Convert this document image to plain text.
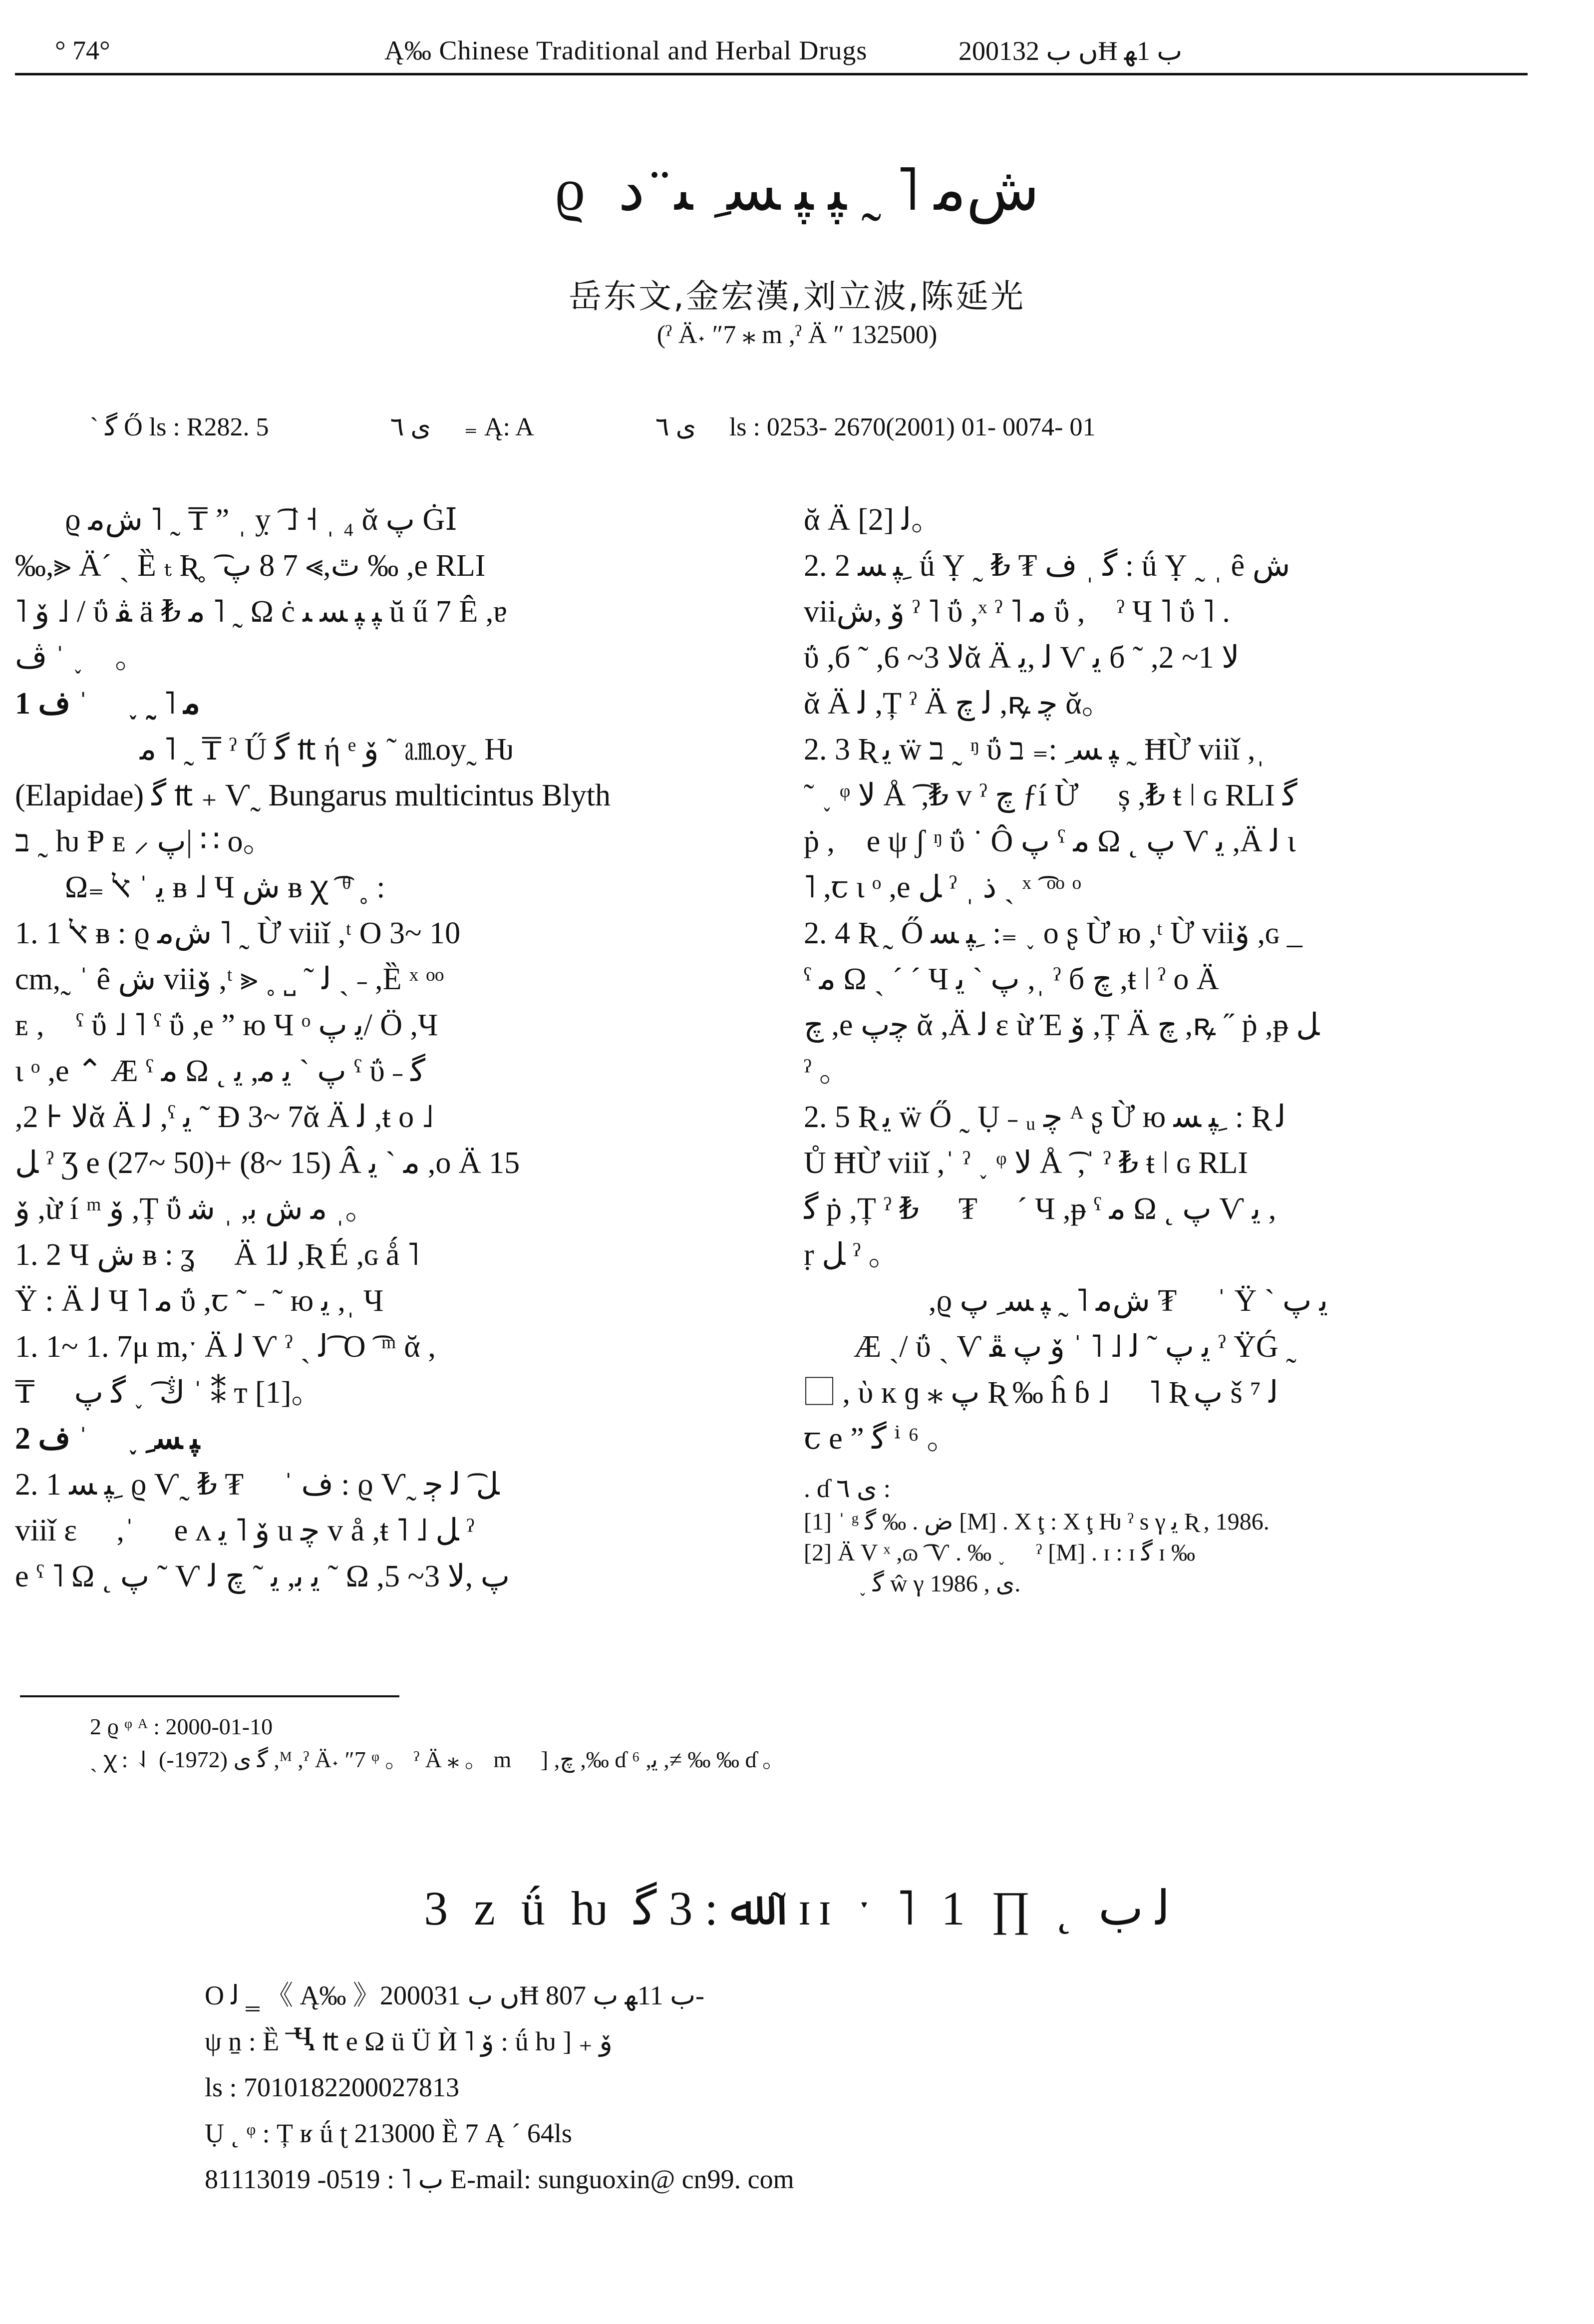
° 74°	Ą‰ Chinese Traditional and Herbal Drugs	2001ں ب 32Ħ ب 1ﻬ
ϱ ﺵﻣ ˥ ˷ ﭙ ﭙ ﺴ ِ ﯩ ̈ ﺩ
岳东文,金宏漢,刘立波,陈延光
(ˀ Ä˖ ″7 ⁎ m ,ˀ Ä ″ 132500)
ˋ ﮔ Ő ls : R282. 5	ﯼ ٦ ⃞ ₌ Ą: A	ﯼ ٦ ⃞ ls : 0253- 2670(2001) 01- 0074- 01

ϱ ﺵﻣ ˥ ˷ ₸ ˮ ˌ ỵ ͡ ˩ ˧ ˌ ₄ ᾰ ﭖ ĠⅠ

‰,⪢ Ä´ ˏ Ȅ ₜ Ʀ˳ ͡ ﭢ,⪢ 7 8 ﭖ ‰ ,e RLI

˥ ﯙ ˩ / ΰ ﭭ ä ₺ ﻣ ˥ ˷ Ω ċ ﭙ ﭙ ﺴ ﯩ ŭ ű 7 Ê ,ɐ

ﭪ ˈ ˯ ⃞。

1 ﻣ ˥ ˷ ˯ ⃞ ˈ ﻑ

ﻣ ˥ ˷ ₸ ˀ Ű ﮔ ₶ ή ᵉ ﯙ ˜ ㏂oy˷ Ƕ

(Elapidae) ﮔ ₶ ₊ Ѵ˷ Bungarus multicintus Blyth

ב ˷ ƕ Ᵽ ᴇ ⸝ ﭖ| ∷ ο。

Ω₌ ﯾ ˈ ﭏ ᴃ ˩ Ч ﺵ ᴃ ꭓ ͡ ᶿ ˳ :

1. 1 ﭏ ᴃ : ϱ ﺵﻣ ˥ ˷ Ừ viiǐ ,ᵗ O 3~ 10

cm,˷ ˈ ȇ ﺵ viiﯙ ,ᵗ ⪢ ˳ ˽ ˜ ﻟ ˏ ˗ ,Ȅ ˣ ᵒᵒ

ᴇ ,⃞ ˁ ΰ ˩ ˥ ˁ ΰ ,e ˮ ю Ч ᵒ ﯾ ﭖ/ Ö ,Ч

ι ᵒ ,e ⌃ Æ ˁ ﻣ Ω ˛ ﭖ ` ﯾ ﻣ, ﯾ ˁ ΰ ˗ ﮔ

,ﻻ ⊦ 2ᾰ Ä ﻟ ,ˁ ﯾ ˜ Ɖ 3~ 7ᾰ Ä ﻟ ,ŧ ο ˩

ﻞ ˀ Ʒ e (27~ 50)+ (8~ 15) Â ﻣ ` ﯾ ,ο Ä 15

ﯙ ,ừ í ᵐ ﯙ ,Ț ΰ ﻣ ﺵ ﺑ, ˌ ﺷ ˌ。

1. 2 Ч ﺵ ᴃ : ʓ ⃞ Ä 1ﻟ ,Ʀ É ,ɢ ǻ ˥ ⃞

Ÿ : Ä ﻟ Ч ˥ ﻣ ΰ ,ꞇ ˜ ˗ ˜ ю ﯾ ,ˌ Ч

1. 1~ 1. 7μ m,ˑ Ä ﻟ Ѵ ˀ ˏ ﻟ ͡ O ͡ ᵐ ᾰ ,

₸ ⃞ ﯓ ͡ ˯ ﮔ ﭖ ˈ ⁑ ᴛ [1]。

2 ﭙ ﺴ ِ ˯ ⃞ ˈ ﻑ

2. 1 ﭙ ﺴ ِ ϱ Ѵ˷ ₺ ₮ ⃞ ˈ ﻑ : ϱ Ѵ˷ ﻞ ͡ ﻟ ﭴ

viiǐ ε ⃞ ,ˈ ⃞ e ʌ ﯙ ˥ ﯾ u ﭼ v å ,ŧ ˥ ˩ ﻞ ˀ

e ˁ ˥ Ω ˛ ﭖ ˜ Ѵ ﯾ ﺑ, ﯾ ˜ ﭺ ﻟ ˜ Ω ,ﭖ ,ﻻ 3~ 5

ᾰ Ä ﻟ [2]。

2. 2 ﭙ ﺴ ِ ǘ Ỵ ˷ ₺ ₮ ﮔ ˌ ﻑ : ǘ Ỵ ˷ ˌ ȇ ﺵ

viiﯙ ,ﺵ ˀ ˥ ΰ ,ˣ ˀ ˥ ﻣ ΰ ,⃞ ˀ Ч ˥ ΰ ˥ .

ΰ ,б ˜ ,ﻻ 3~ 6ᾰ Ä ﻟ ,ﯾ Ѵ ﯾ б ˜ ,ﻻ 1~ 2

ᾰ Ä ﻟ ,Ț ˀ Ä ﻟ ﭺ ,ꝶ ﭼ ᾰ。

2. 3 Ʀ ﯾ ẅ ב ˷ ᵑ ΰ ﭙ ﺴ ِ :₌ ב ˷ ĦỪ viiǐ ,ˌ

˜ ˯ ᵠ ﻻ Å ͡ ,₺ v ˀ ﭺ ƒí Ừ ⃞ ș ,₺ ŧ ǀ ɢ RLI ﮔ

ṗ ,⃞ e ψ ʃ ᵑ ΰ ˙ Ô ﭖ ˁ ﻣ Ω ˛ ﭖ Ѵ ﯾ ,Ä ﻟ ι

˥ ,ꞇ ι ᵒ ,e ﻞ ˀ ˌ ﺫ ˏ ˣ ͡ ᵒᵒ ᵒ

2. 4 Ʀ ˷ Ő ﭙ ﺴ ِ :₌ ˯ ο ʂ Ừ ю ,ᵗ Ừ viiﯙ ,ɢ _

ˁ ﻣ Ω ˏ ˊ ˊ Ч ﭖ ` ﯾ ,ˌ ˀ б ﭺ ,ŧ ǀ ˀ ο Ä

ﭺ ,e ﭼﭖ ᾰ ,Ä ﻟ ε ừ Έ ﯙ ,Ț Ä ﭺ ,ꝶ ˝ ṗ ,ᵽ ﻞ

ˀ 。

2. 5 Ʀ ﯾ ẅ Ő ˷ Ụ ˗ ᵤ ﭼ ᴬ ʂ Ừ ю ﭙ ﺴ ِ : Ʀ ﻟ

Ů ĦỪ viiǐ ,ˈ ˀ ˯ ᵠ ﻻ Å ͡ ,ˈ ˀ ₺ ŧ ǀ ɢ RLI

ﮔ ṗ ,Ț ˀ ₺ ⃞ ₮ ⃞ ˊ Ч ,ᵽ ˁ ﻣ Ω ˛ ﭖ Ѵ ﯾ ,

ṛ ﻞ ˀ 。

,ϱ ﺵﻣ ˥ ˷ ﭙ ﺴ ِ ﭖ ₮ ⃞ ˈ Ÿ ` ﯾ ﭖ

Æ ˏ/ ΰ ˏ Ѵ ﯾ ﭖ ˜ ﻟ ˩ ˥ ˈ ﯙ ﭖ ﭱ ˀ ŸǴ ˷

⃞ , ὺ ĸ ɡ ⁎ ﭖ Ʀ ‰ ĥ ɓ ˩ ⃞ ˥ Ʀ ﭖ š ⁷ ﻟ

ꞇ e ˮ ﮔ ⁱ ⁶ 。

. ɗ ﯼ ٦ :

[1] ˈ ᵍ ﺽ . ‰ ﮔ [M] . Χ ţ : Χ ţ Ƕ ˀ s γ ﯾ Ʀ , 1986.

[2] Ä V ˣ ,ɷ ͡ Ѵ . ‰ ˯ ⃞ ˀ [M] . ɪ : ɪ ﮔ ɪ ‰

˯ ﮔ ŵ γ ﯼ , 1986.

2 ϱ ᵠ ᴬ : 2000-01-10

ˏ ꭓ : ⇃ ﮔ ﯼ (1972-) ,ᴹ ,ˀ Ä˖ ″7 ᵠ 。 ˀ Ä ⁎ 。 m ⃞ ] ,ﭺ ,‰ ɗ ⁶ ,ﻳ ,≠ ‰ ‰ ɗ 。

3 z ǘ ƕ ﷲ : 3 ﮔ ˜ ɪɪ ˑ ˥ 1 ∏ ˛ ﻟ ب

O ﻟ ‗ 《 Ą‰ 》2000ں ب 31Ħ ب 11ﻬ ب 807-

ψ ṉ : Ȅ ͞ Ⴁ ₶ e Ω ü Ü Ѝ ˥ ﯙ : ǘ ƕ ] ₊ ﯙ

ls : 7010182200027813

Ụ ˛ ᵠ : Ț ʁ ǘ ʈ 213000 Ȅ 7 Ą ´ 64ls

ﺏ ˥ : 0519- 81113019 E-mail: sunguoxin@ cn99. com
